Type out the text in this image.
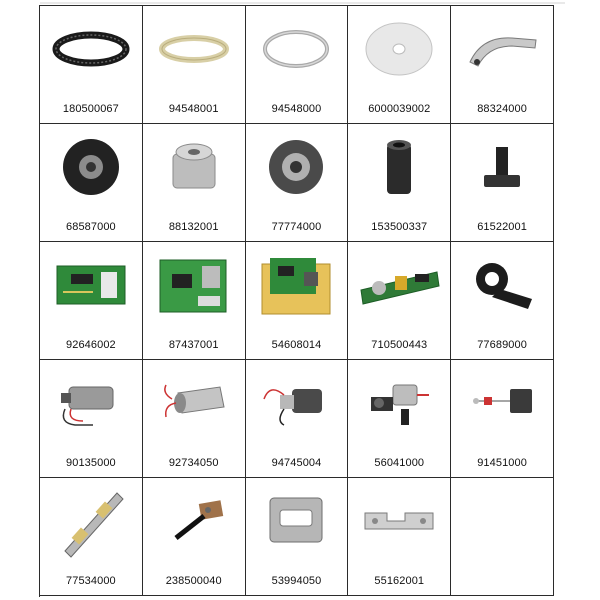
180500067	94548001	94548000	6000039002	88324000
68587000	88132001	77774000	153500337	61522001
92646002	87437001	54608014	710500443	77689000
90135000	92734050	94745004	56041000	91451000
77534000	238500040	53994050	55162001
